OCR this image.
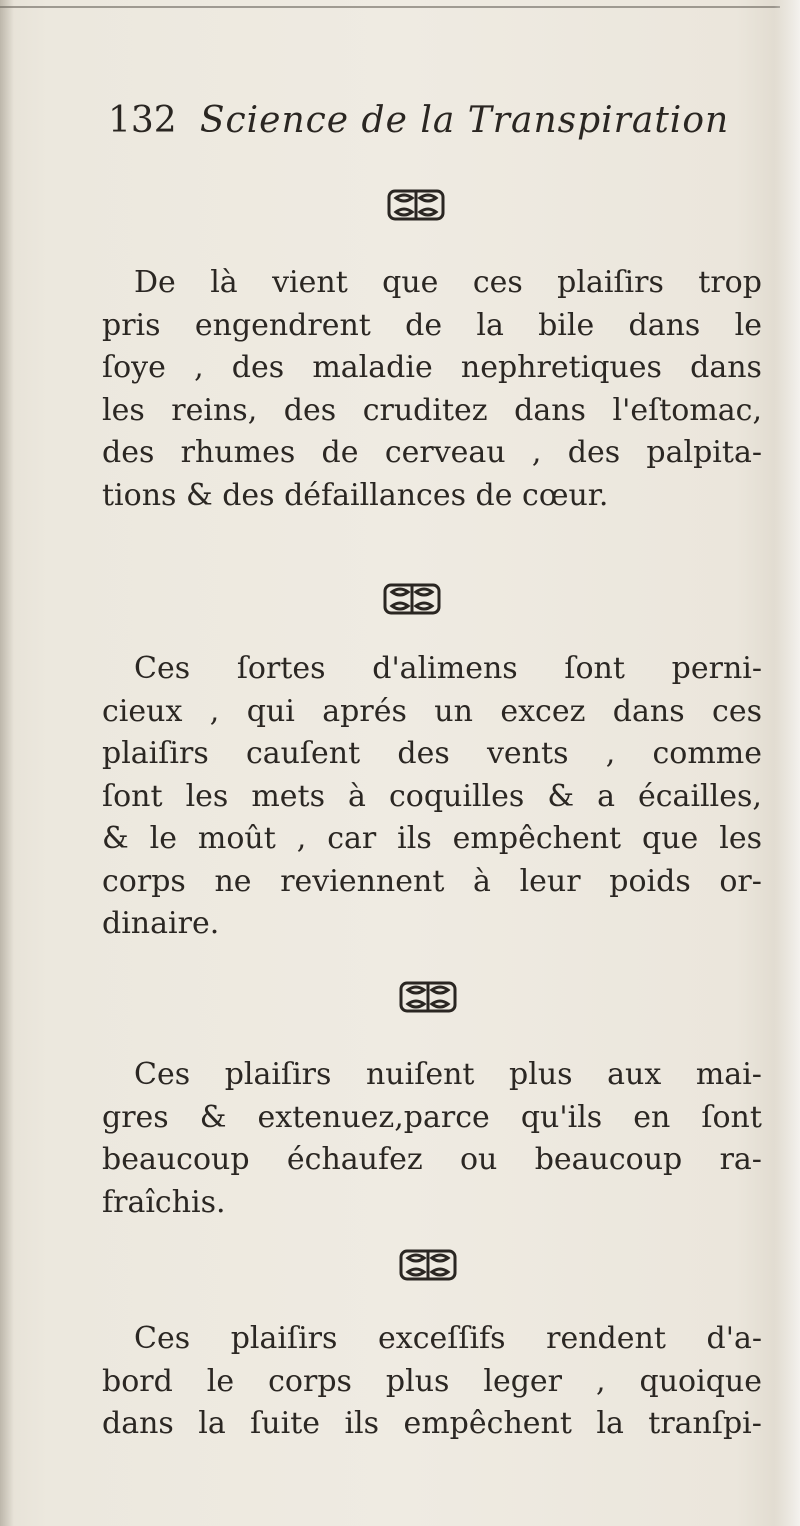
132 Science de la Transpiration
De là vient que ces plaiſirs trop
pris engendrent de la bile dans le
ſoye , des maladie nephretiques dans
les reins, des cruditez dans l'eſtomac,
des rhumes de cerveau , des palpita-
tions & des défaillances de cœur.
Ces ſortes d'alimens ſont perni-
cieux , qui aprés un excez dans ces
plaiſirs cauſent des vents , comme
ſont les mets à coquilles & a écailles,
& le moût , car ils empêchent que les
corps ne reviennent à leur poids or-
dinaire.
Ces plaiſirs nuiſent plus aux mai-
gres & extenuez,parce qu'ils en ſont
beaucoup échaufez ou beaucoup ra-
fraîchis.
Ces plaiſirs exceſſifs rendent d'a-
bord le corps plus leger , quoique
dans la ſuite ils empêchent la tranſpi-
